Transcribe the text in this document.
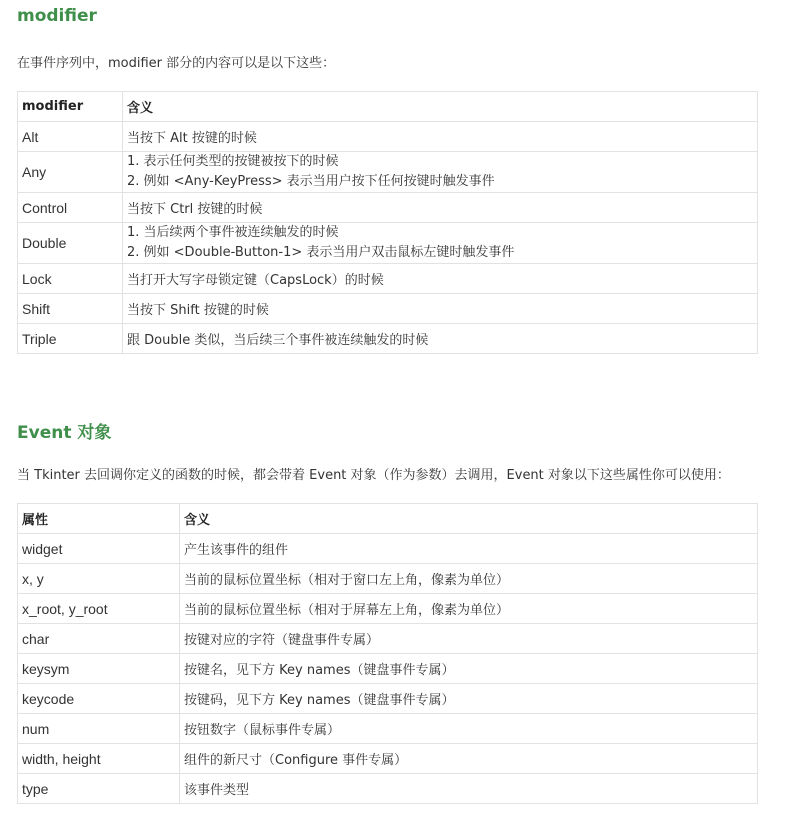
modifier

在事件序列中，modifier 部分的内容可以是以下这些：

modifier	含义
Alt	当按下 Alt 按键的时候
Any	1. 表示任何类型的按键被按下的时候
2. 例如 <Any-KeyPress> 表示当用户按下任何按键时触发事件

Control	当按下 Ctrl 按键的时候
Double	1. 当后续两个事件被连续触发的时候
2. 例如 <Double-Button-1> 表示当用户双击鼠标左键时触发事件

Lock	当打开大写字母锁定键（CapsLock）的时候
Shift	当按下 Shift 按键的时候
Triple	跟 Double 类似，当后续三个事件被连续触发的时候
Event 对象

当 Tkinter 去回调你定义的函数的时候，都会带着 Event 对象（作为参数）去调用，Event 对象以下这些属性你可以使用：

属性	含义
widget	产生该事件的组件
x, y	当前的鼠标位置坐标（相对于窗口左上角，像素为单位）
x_root, y_root	当前的鼠标位置坐标（相对于屏幕左上角，像素为单位）
char	按键对应的字符（键盘事件专属）
keysym	按键名，见下方 Key names（键盘事件专属）
keycode	按键码，见下方 Key names（键盘事件专属）
num	按钮数字（鼠标事件专属）
width, height	组件的新尺寸（Configure 事件专属）
type	该事件类型
